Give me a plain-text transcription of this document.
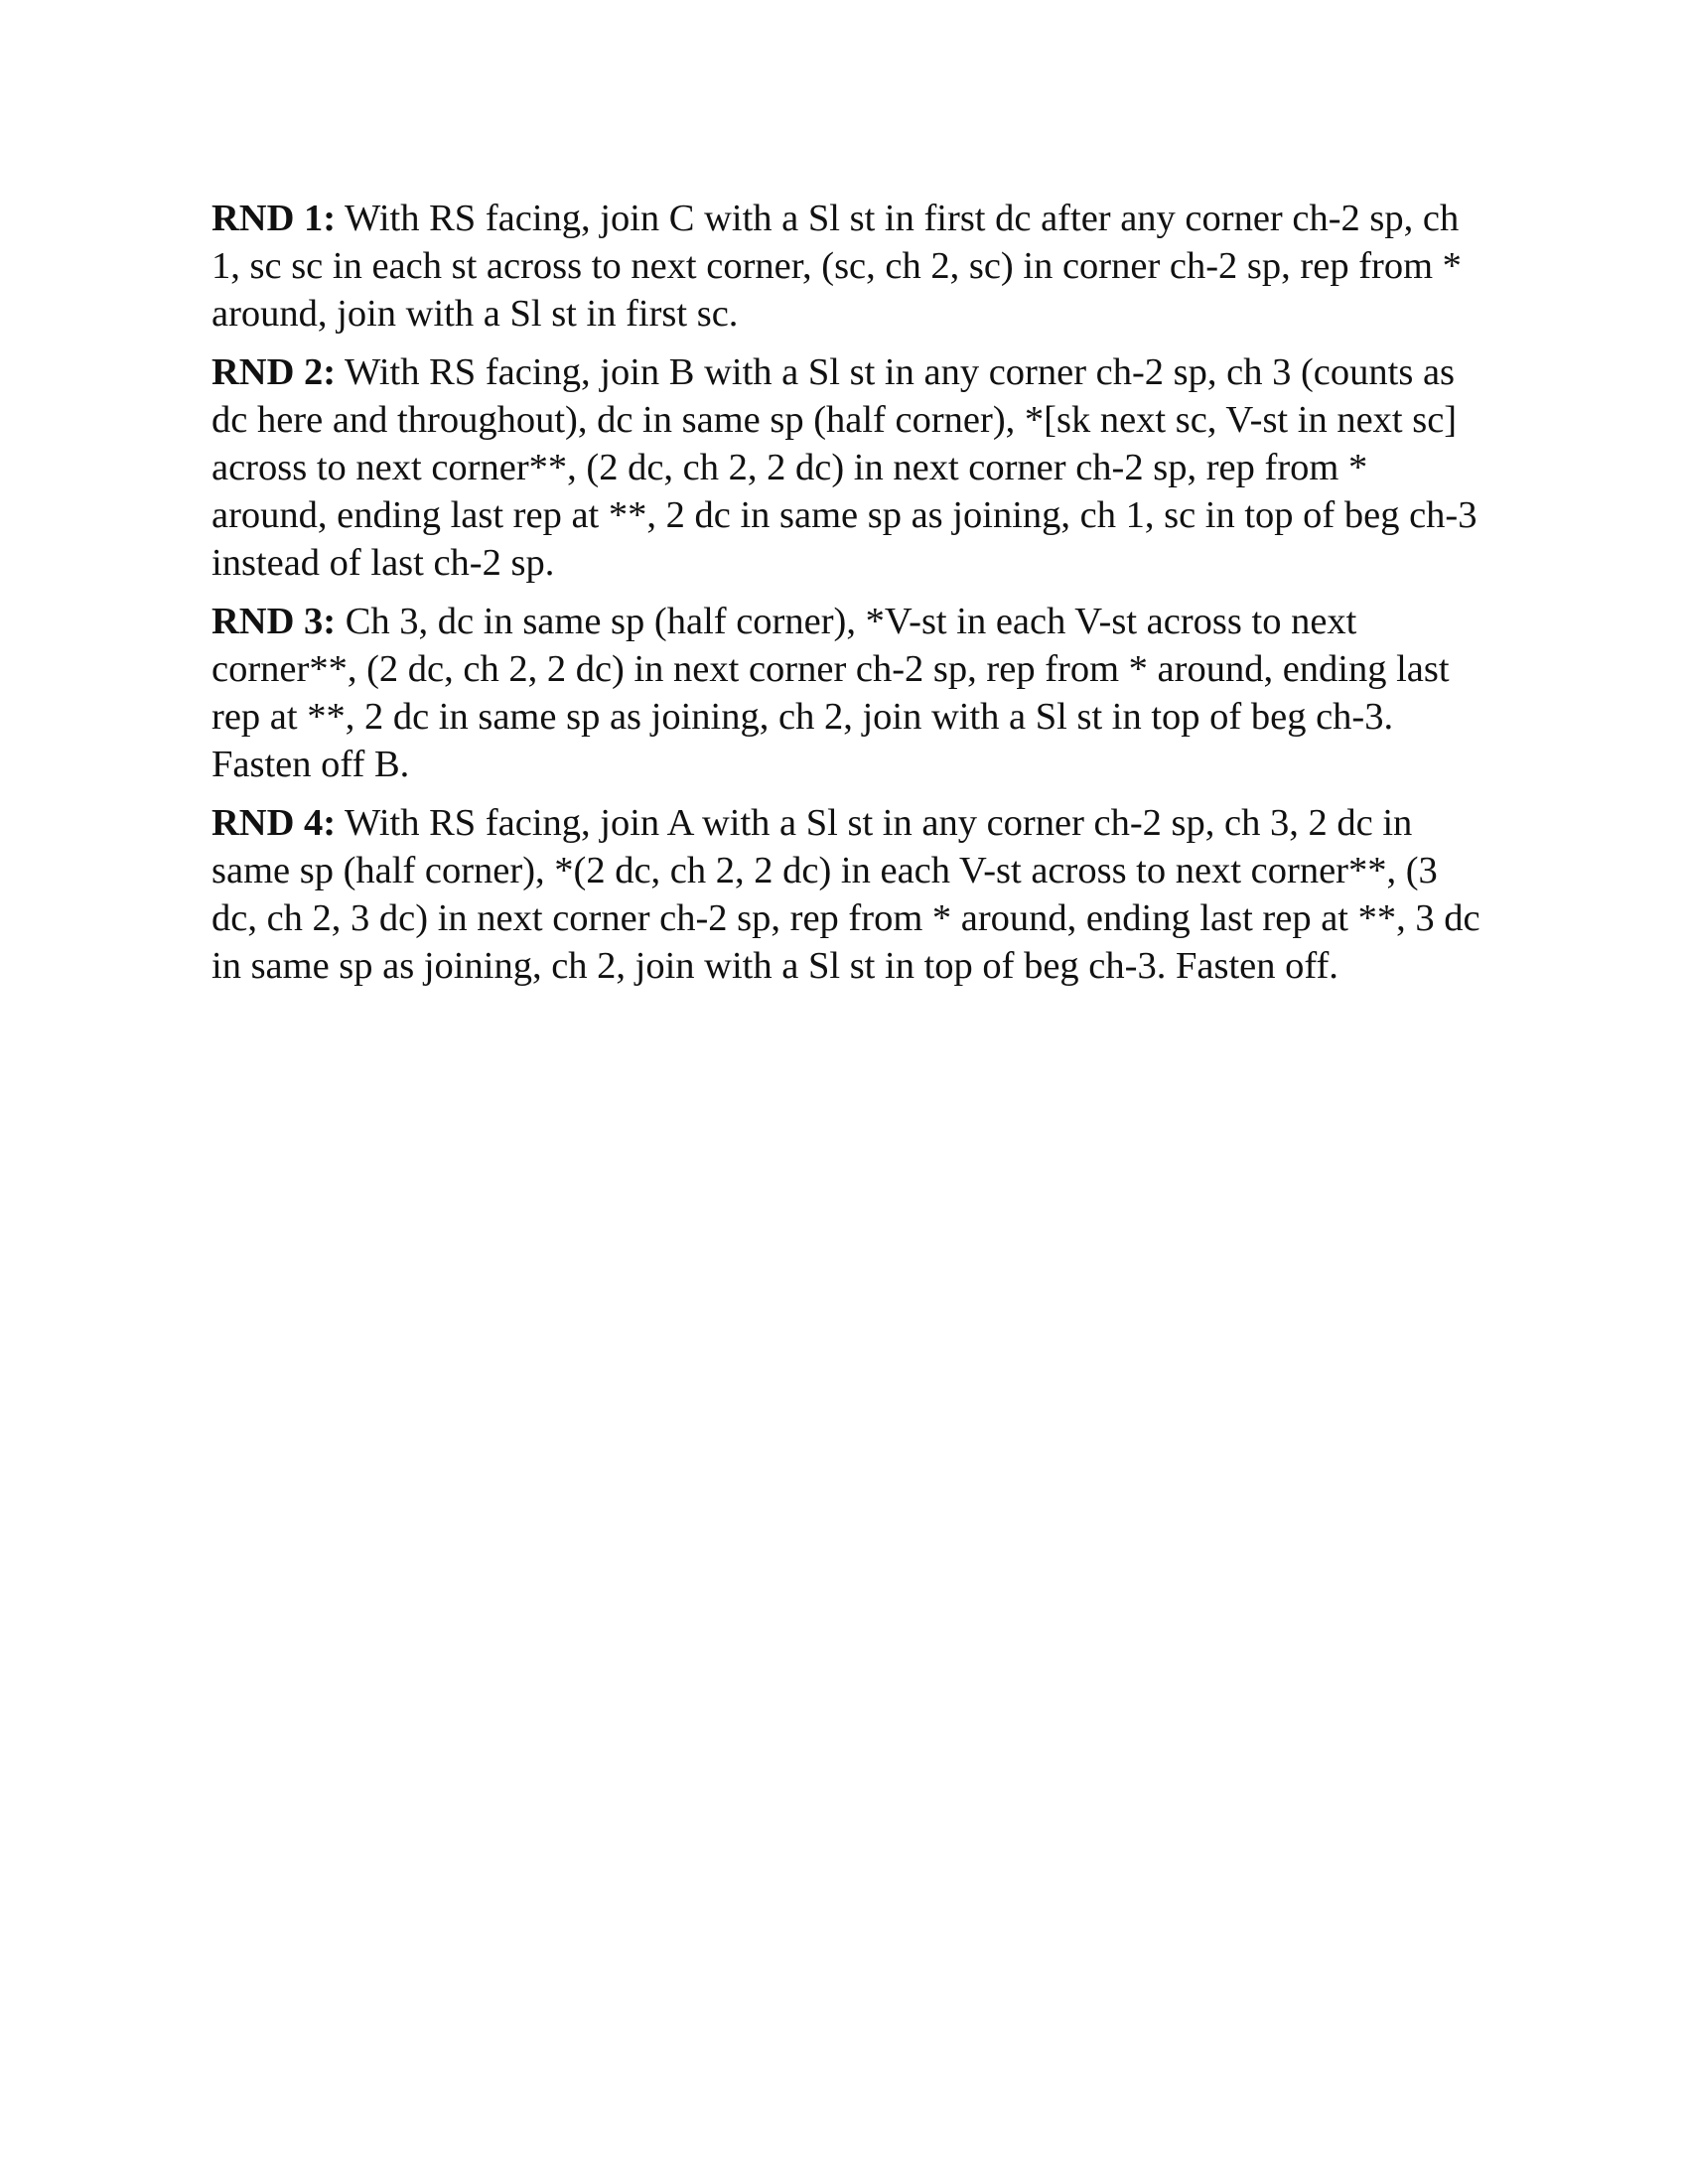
RND 1: With RS facing, join C with a Sl st in first dc after any corner ch-2 sp, ch 1, sc sc in each st across to next corner, (sc, ch 2, sc) in corner ch-2 sp, rep from * around, join with a Sl st in first sc.

RND 2: With RS facing, join B with a Sl st in any corner ch-2 sp, ch 3 (counts as dc here and throughout), dc in same sp (half corner), *[sk next sc, V-st in next sc] across to next corner**, (2 dc, ch 2, 2 dc) in next corner ch-2 sp, rep from * around, ending last rep at **, 2 dc in same sp as joining, ch 1, sc in top of beg ch-3 instead of last ch-2 sp.

RND 3: Ch 3, dc in same sp (half corner), *V-st in each V-st across to next corner**, (2 dc, ch 2, 2 dc) in next corner ch-2 sp, rep from * around, ending last rep at **, 2 dc in same sp as joining, ch 2, join with a Sl st in top of beg ch-3. Fasten off B.

RND 4: With RS facing, join A with a Sl st in any corner ch-2 sp, ch 3, 2 dc in same sp (half corner), *(2 dc, ch 2, 2 dc) in each V-st across to next corner**, (3 dc, ch 2, 3 dc) in next corner ch-2 sp, rep from * around, ending last rep at **, 3 dc in same sp as joining, ch 2, join with a Sl st in top of beg ch-3. Fasten off.
